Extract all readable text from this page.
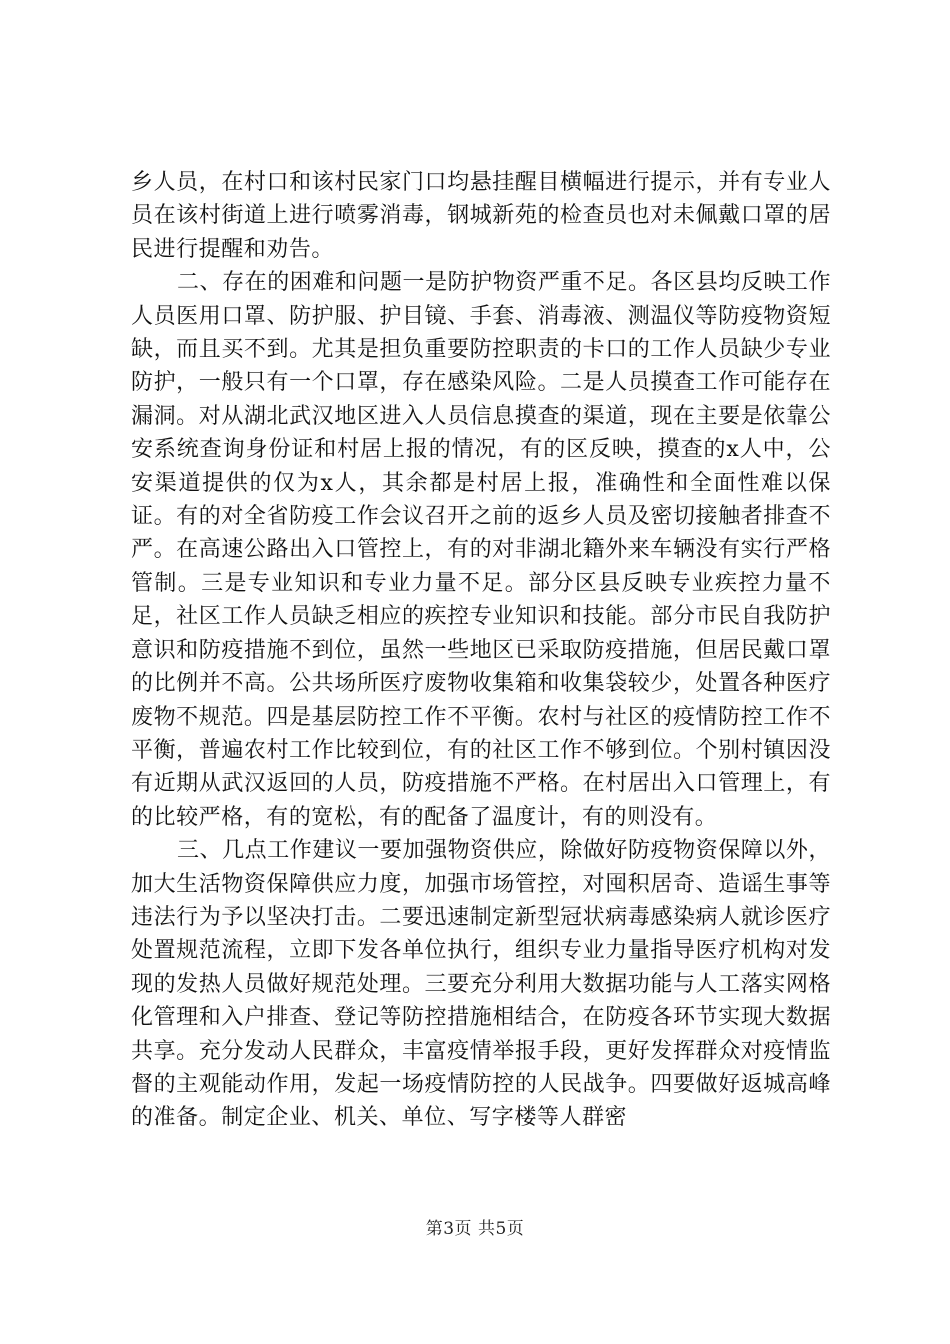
乡人员，在村口和该村民家门口均悬挂醒目横幅进行提示，并有专业人员在该村街道上进行喷雾消毒，钢城新苑的检查员也对未佩戴口罩的居民进行提醒和劝告。

二、存在的困难和问题一是防护物资严重不足。各区县均反映工作人员医用口罩、防护服、护目镜、手套、消毒液、测温仪等防疫物资短缺，而且买不到。尤其是担负重要防控职责的卡口的工作人员缺少专业防护，一般只有一个口罩，存在感染风险。二是人员摸查工作可能存在漏洞。对从湖北武汉地区进入人员信息摸查的渠道，现在主要是依靠公安系统查询身份证和村居上报的情况，有的区反映，摸查的x人中，公安渠道提供的仅为x人，其余都是村居上报，准确性和全面性难以保证。有的对全省防疫工作会议召开之前的返乡人员及密切接触者排查不严。在高速公路出入口管控上，有的对非湖北籍外来车辆没有实行严格管制。三是专业知识和专业力量不足。部分区县反映专业疾控力量不足，社区工作人员缺乏相应的疾控专业知识和技能。部分市民自我防护意识和防疫措施不到位，虽然一些地区已采取防疫措施，但居民戴口罩的比例并不高。公共场所医疗废物收集箱和收集袋较少，处置各种医疗废物不规范。四是基层防控工作不平衡。农村与社区的疫情防控工作不平衡，普遍农村工作比较到位，有的社区工作不够到位。个别村镇因没有近期从武汉返回的人员，防疫措施不严格。在村居出入口管理上，有的比较严格，有的宽松，有的配备了温度计，有的则没有。

三、几点工作建议一要加强物资供应，除做好防疫物资保障以外，加大生活物资保障供应力度，加强市场管控，对囤积居奇、造谣生事等违法行为予以坚决打击。二要迅速制定新型冠状病毒感染病人就诊医疗处置规范流程，立即下发各单位执行，组织专业力量指导医疗机构对发现的发热人员做好规范处理。三要充分利用大数据功能与人工落实网格化管理和入户排查、登记等防控措施相结合，在防疫各环节实现大数据共享。充分发动人民群众，丰富疫情举报手段，更好发挥群众对疫情监督的主观能动作用，发起一场疫情防控的人民战争。四要做好返城高峰的准备。制定企业、机关、单位、写字楼等人群密

第3页 共5页
